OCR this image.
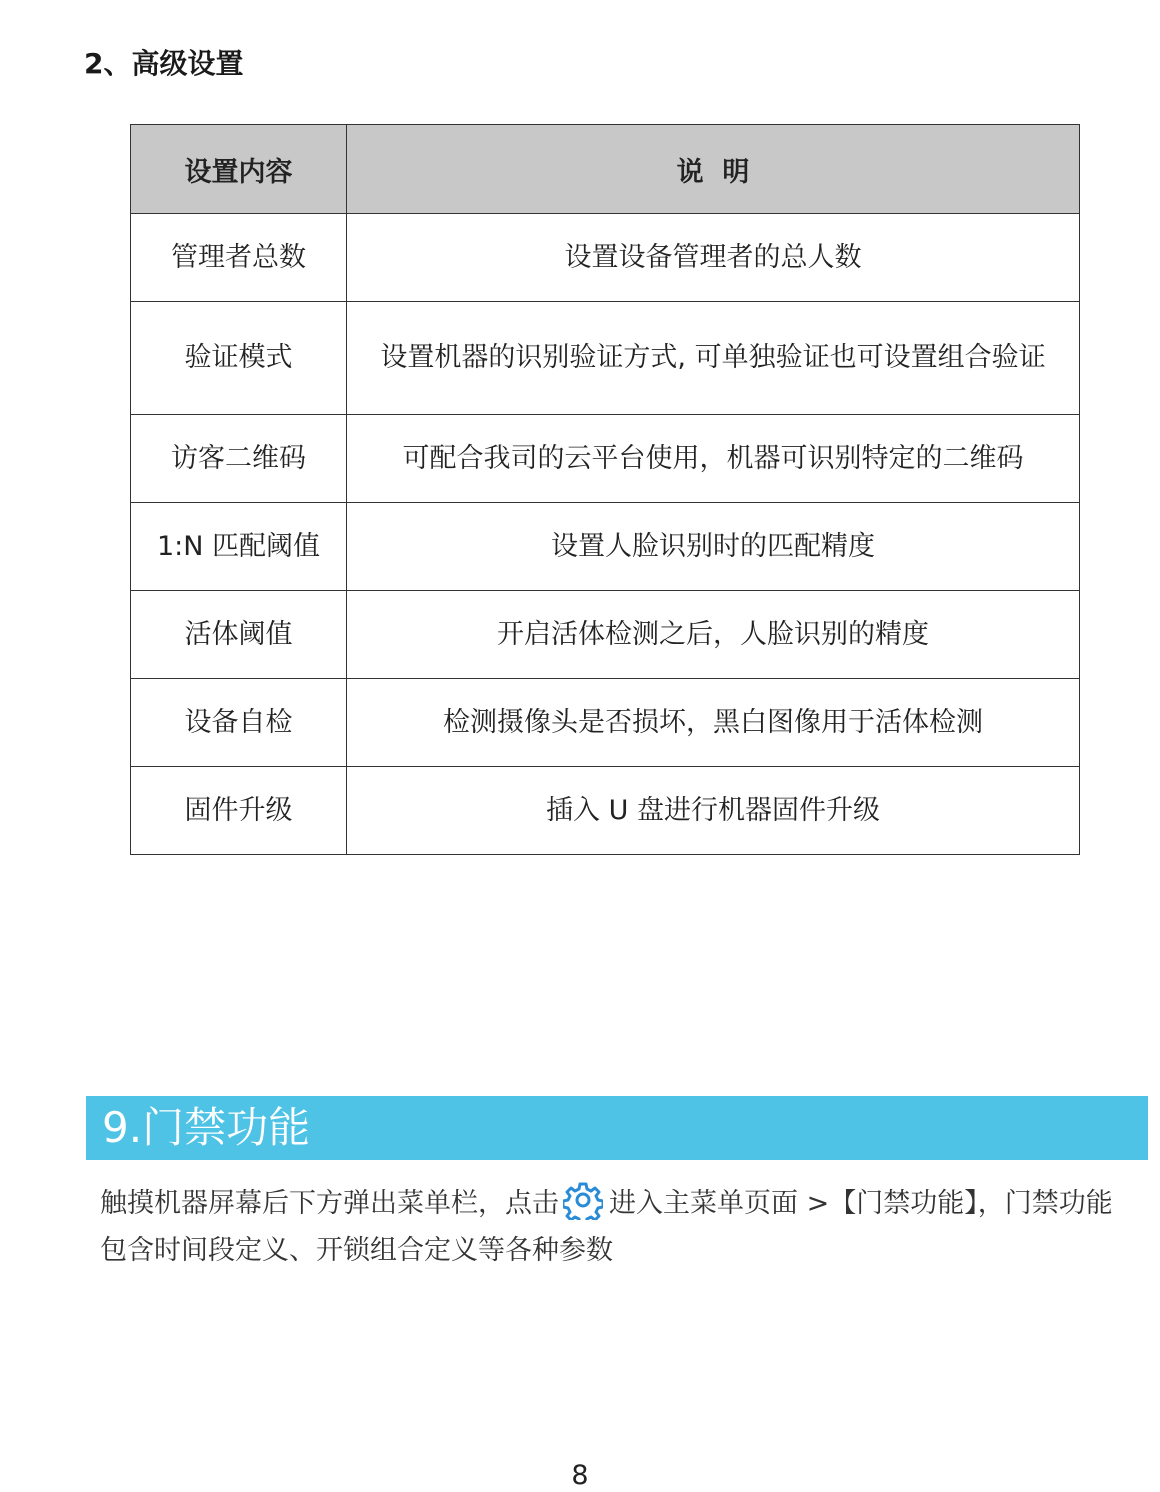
2、高级设置
设置内容	说  明
管理者总数	设置设备管理者的总人数
验证模式	设置机器的识别验证方式, 可单独验证也可设置组合验证
访客二维码	可配合我司的云平台使用，机器可识别特定的二维码
1:N 匹配阈值	设置人脸识别时的匹配精度
活体阈值	开启活体检测之后，人脸识别的精度
设备自检	检测摄像头是否损坏，黑白图像用于活体检测
固件升级	插入 U 盘进行机器固件升级
9.门禁功能
触摸机器屏幕后下方弹出菜单栏，点击 进入主菜单页面 >【门禁功能】，门禁功能包含时间段定义、开锁组合定义等各种参数
8
